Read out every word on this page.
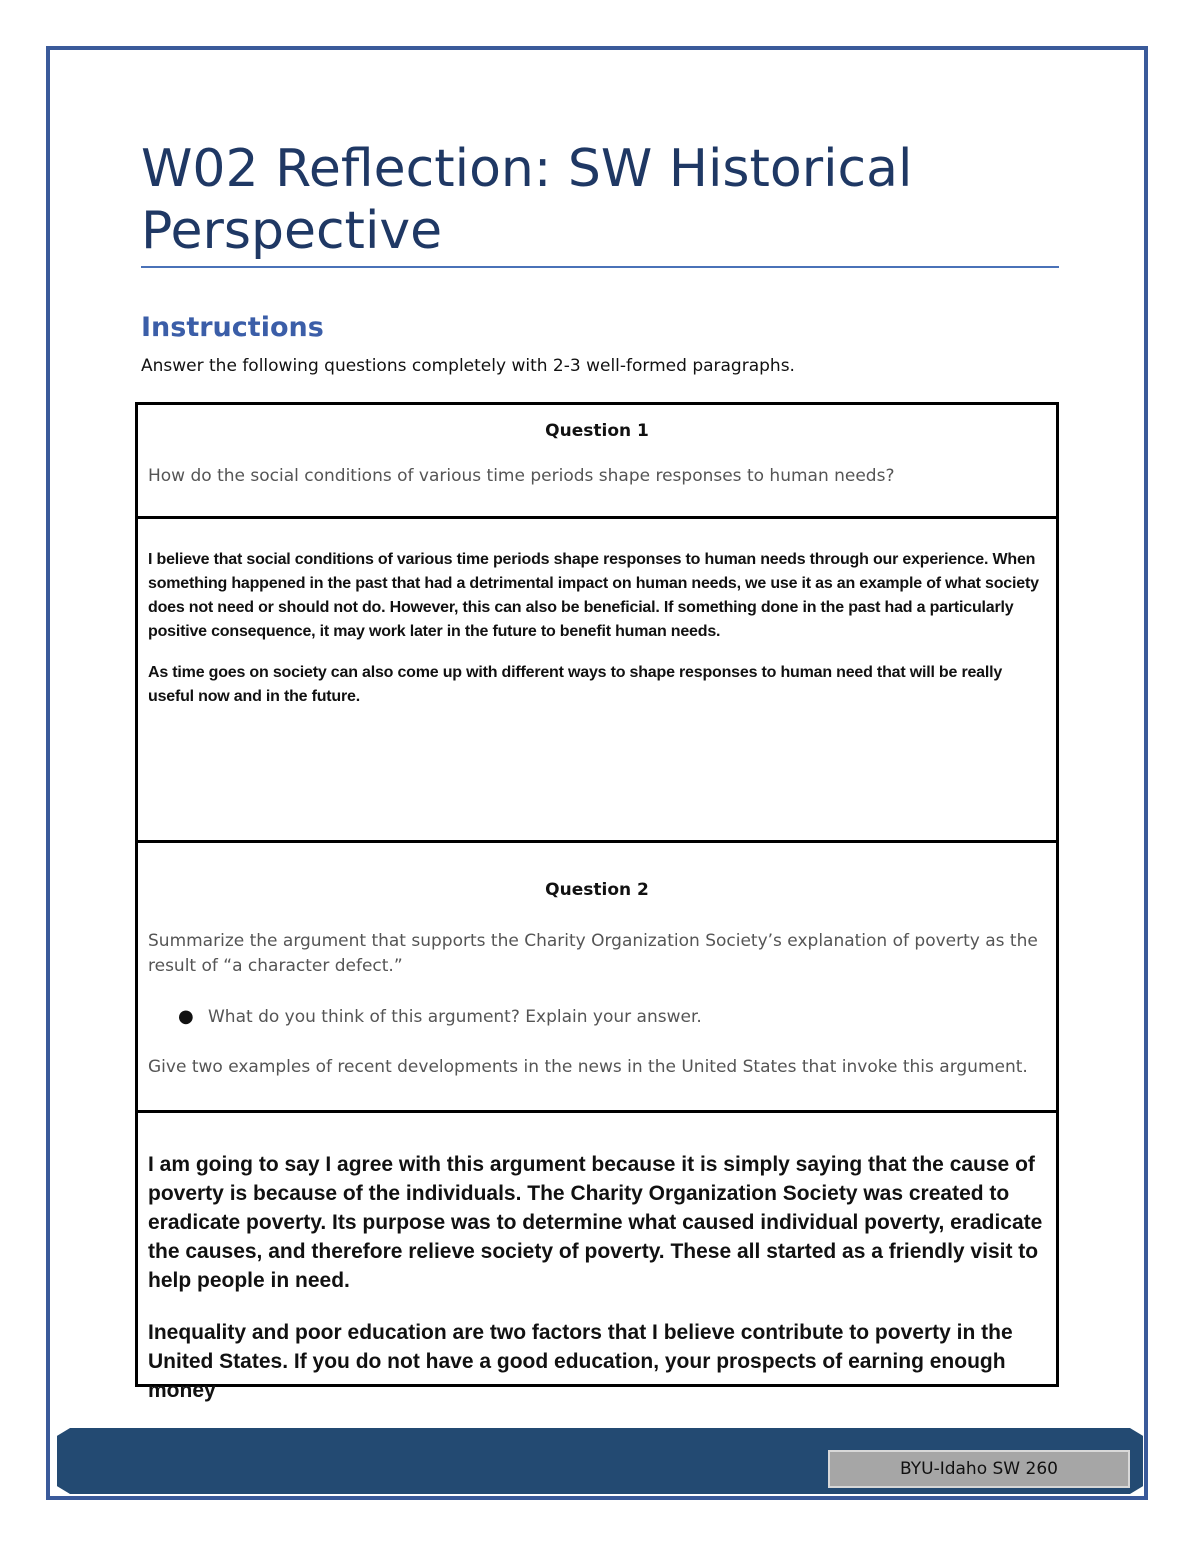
W02 Reflection: SW Historical
Perspective
Instructions
Answer the following questions completely with 2-3 well-formed paragraphs.
Question 1
How do the social conditions of various time periods shape responses to human needs?

I believe that social conditions of various time periods shape responses to human needs through our experience. When something happened in the past that had a detrimental impact on human needs, we use it as an example of what society does not need or should not do. However, this can also be beneficial. If something done in the past had a particularly positive consequence, it may work later in the future to benefit human needs.

As time goes on society can also come up with different ways to shape responses to human need that will be really useful now and in the future.

Question 2
Summarize the argument that supports the Charity Organization Society’s explanation of poverty as the result of “a character defect.”
● What do you think of this argument? Explain your answer.
Give two examples of recent developments in the news in the United States that invoke this argument.

I am going to say I agree with this argument because it is simply saying that the cause of poverty is because of the individuals. The Charity Organization Society was created to eradicate poverty. Its purpose was to determine what caused individual poverty, eradicate the causes, and therefore relieve society of poverty. These all started as a friendly visit to help people in need.

Inequality and poor education are two factors that I believe contribute to poverty in the United States. If you do not have a good education, your prospects of earning enough money

BYU-Idaho SW 260
